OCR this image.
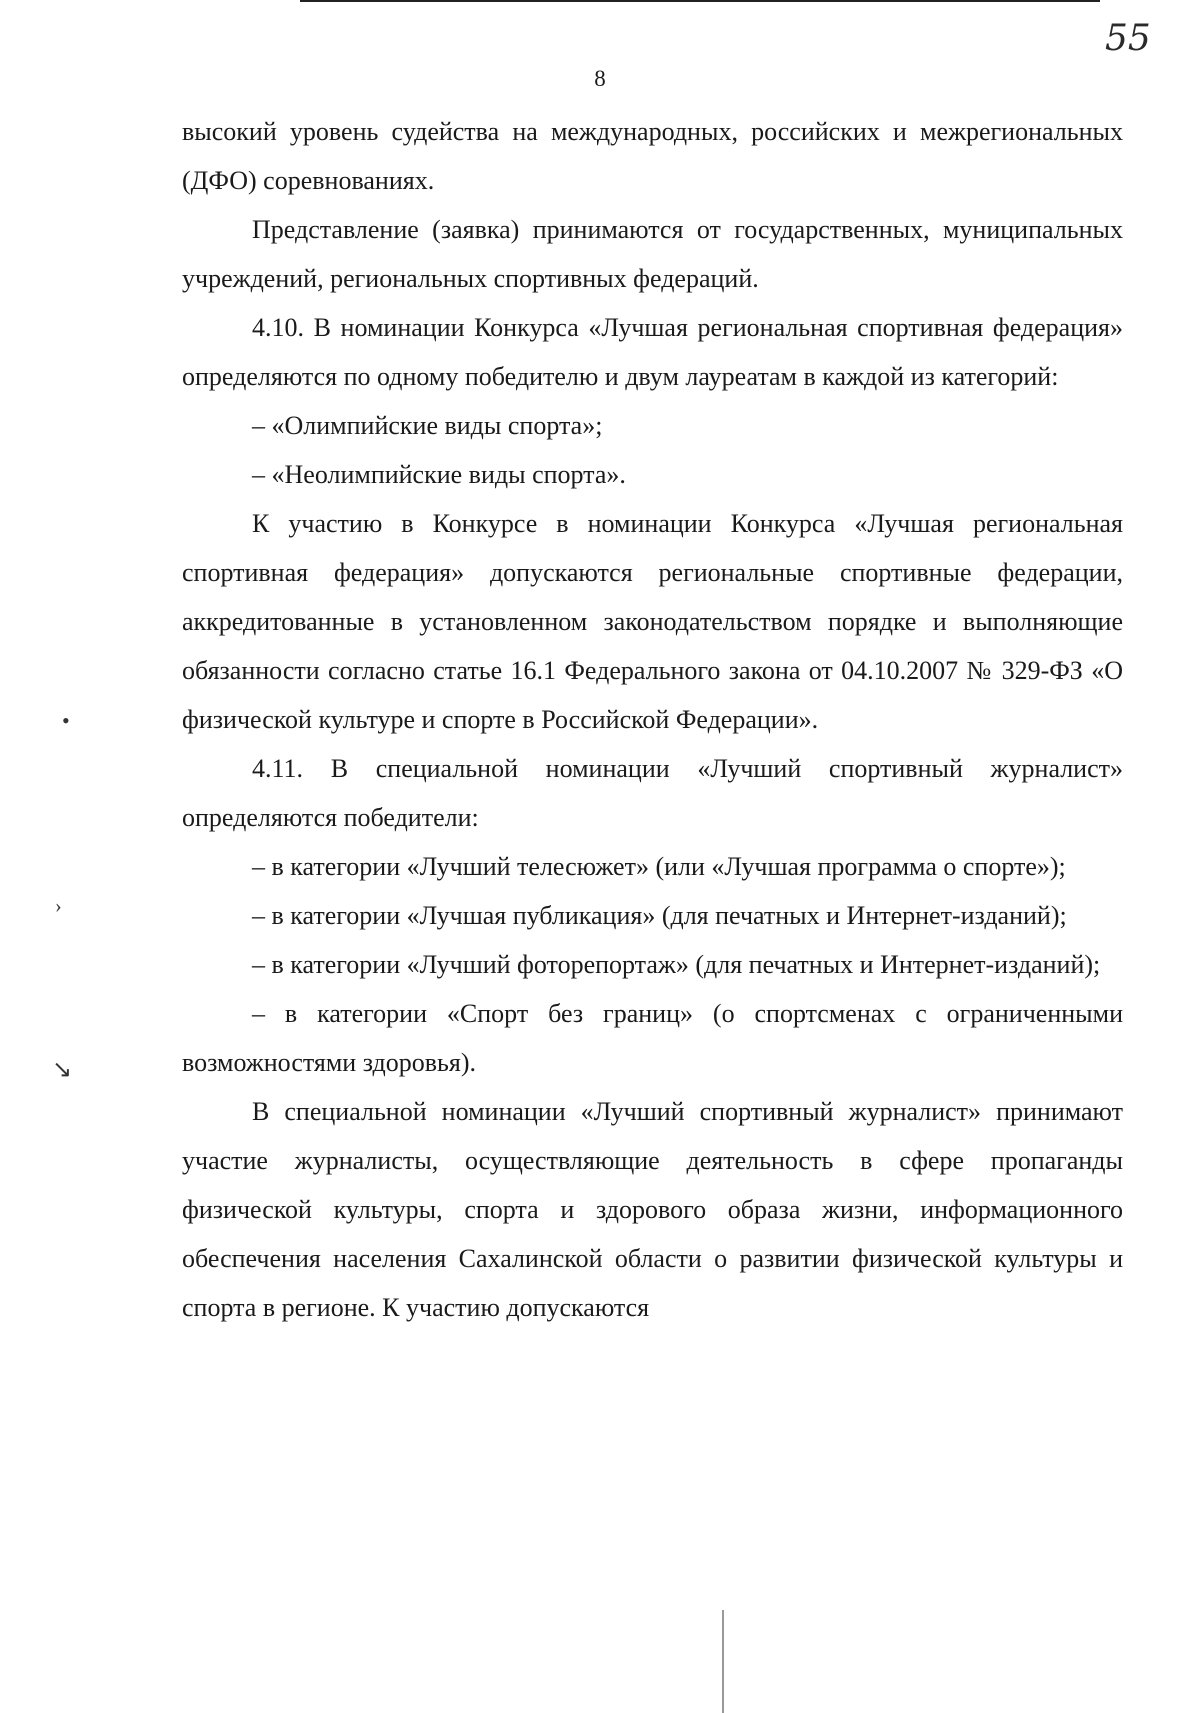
55
8

высокий уровень судейства на международных, российских и межрегиональных (ДФО) соревнованиях.

Представление (заявка) принимаются от государственных, муниципальных учреждений, региональных спортивных федераций.

4.10. В номинации Конкурса «Лучшая региональная спортивная федерация» определяются по одному победителю и двум лауреатам в каждой из категорий:

– «Олимпийские виды спорта»;

– «Неолимпийские виды спорта».

К участию в Конкурсе в номинации Конкурса «Лучшая региональная спортивная федерация» допускаются региональные спортивные федерации, аккредитованные в установленном законодательством порядке и выполняющие обязанности согласно статье 16.1 Федерального закона от 04.10.2007 № 329-ФЗ «О физической культуре и спорте в Российской Федерации».

4.11. В специальной номинации «Лучший спортивный журналист» определяются победители:

– в категории «Лучший телесюжет» (или «Лучшая программа о спорте»);

– в категории «Лучшая публикация» (для печатных и Интернет-изданий);

– в категории «Лучший фоторепортаж» (для печатных и Интернет-изданий);

– в категории «Спорт без границ» (о спортсменах с ограниченными возможностями здоровья).

В специальной номинации «Лучший спортивный журналист» принимают участие журналисты, осуществляющие деятельность в сфере пропаганды физической культуры, спорта и здорового образа жизни, информационного обеспечения населения Сахалинской области о развитии физической культуры и спорта в регионе. К участию допускаются

•
›
↘
